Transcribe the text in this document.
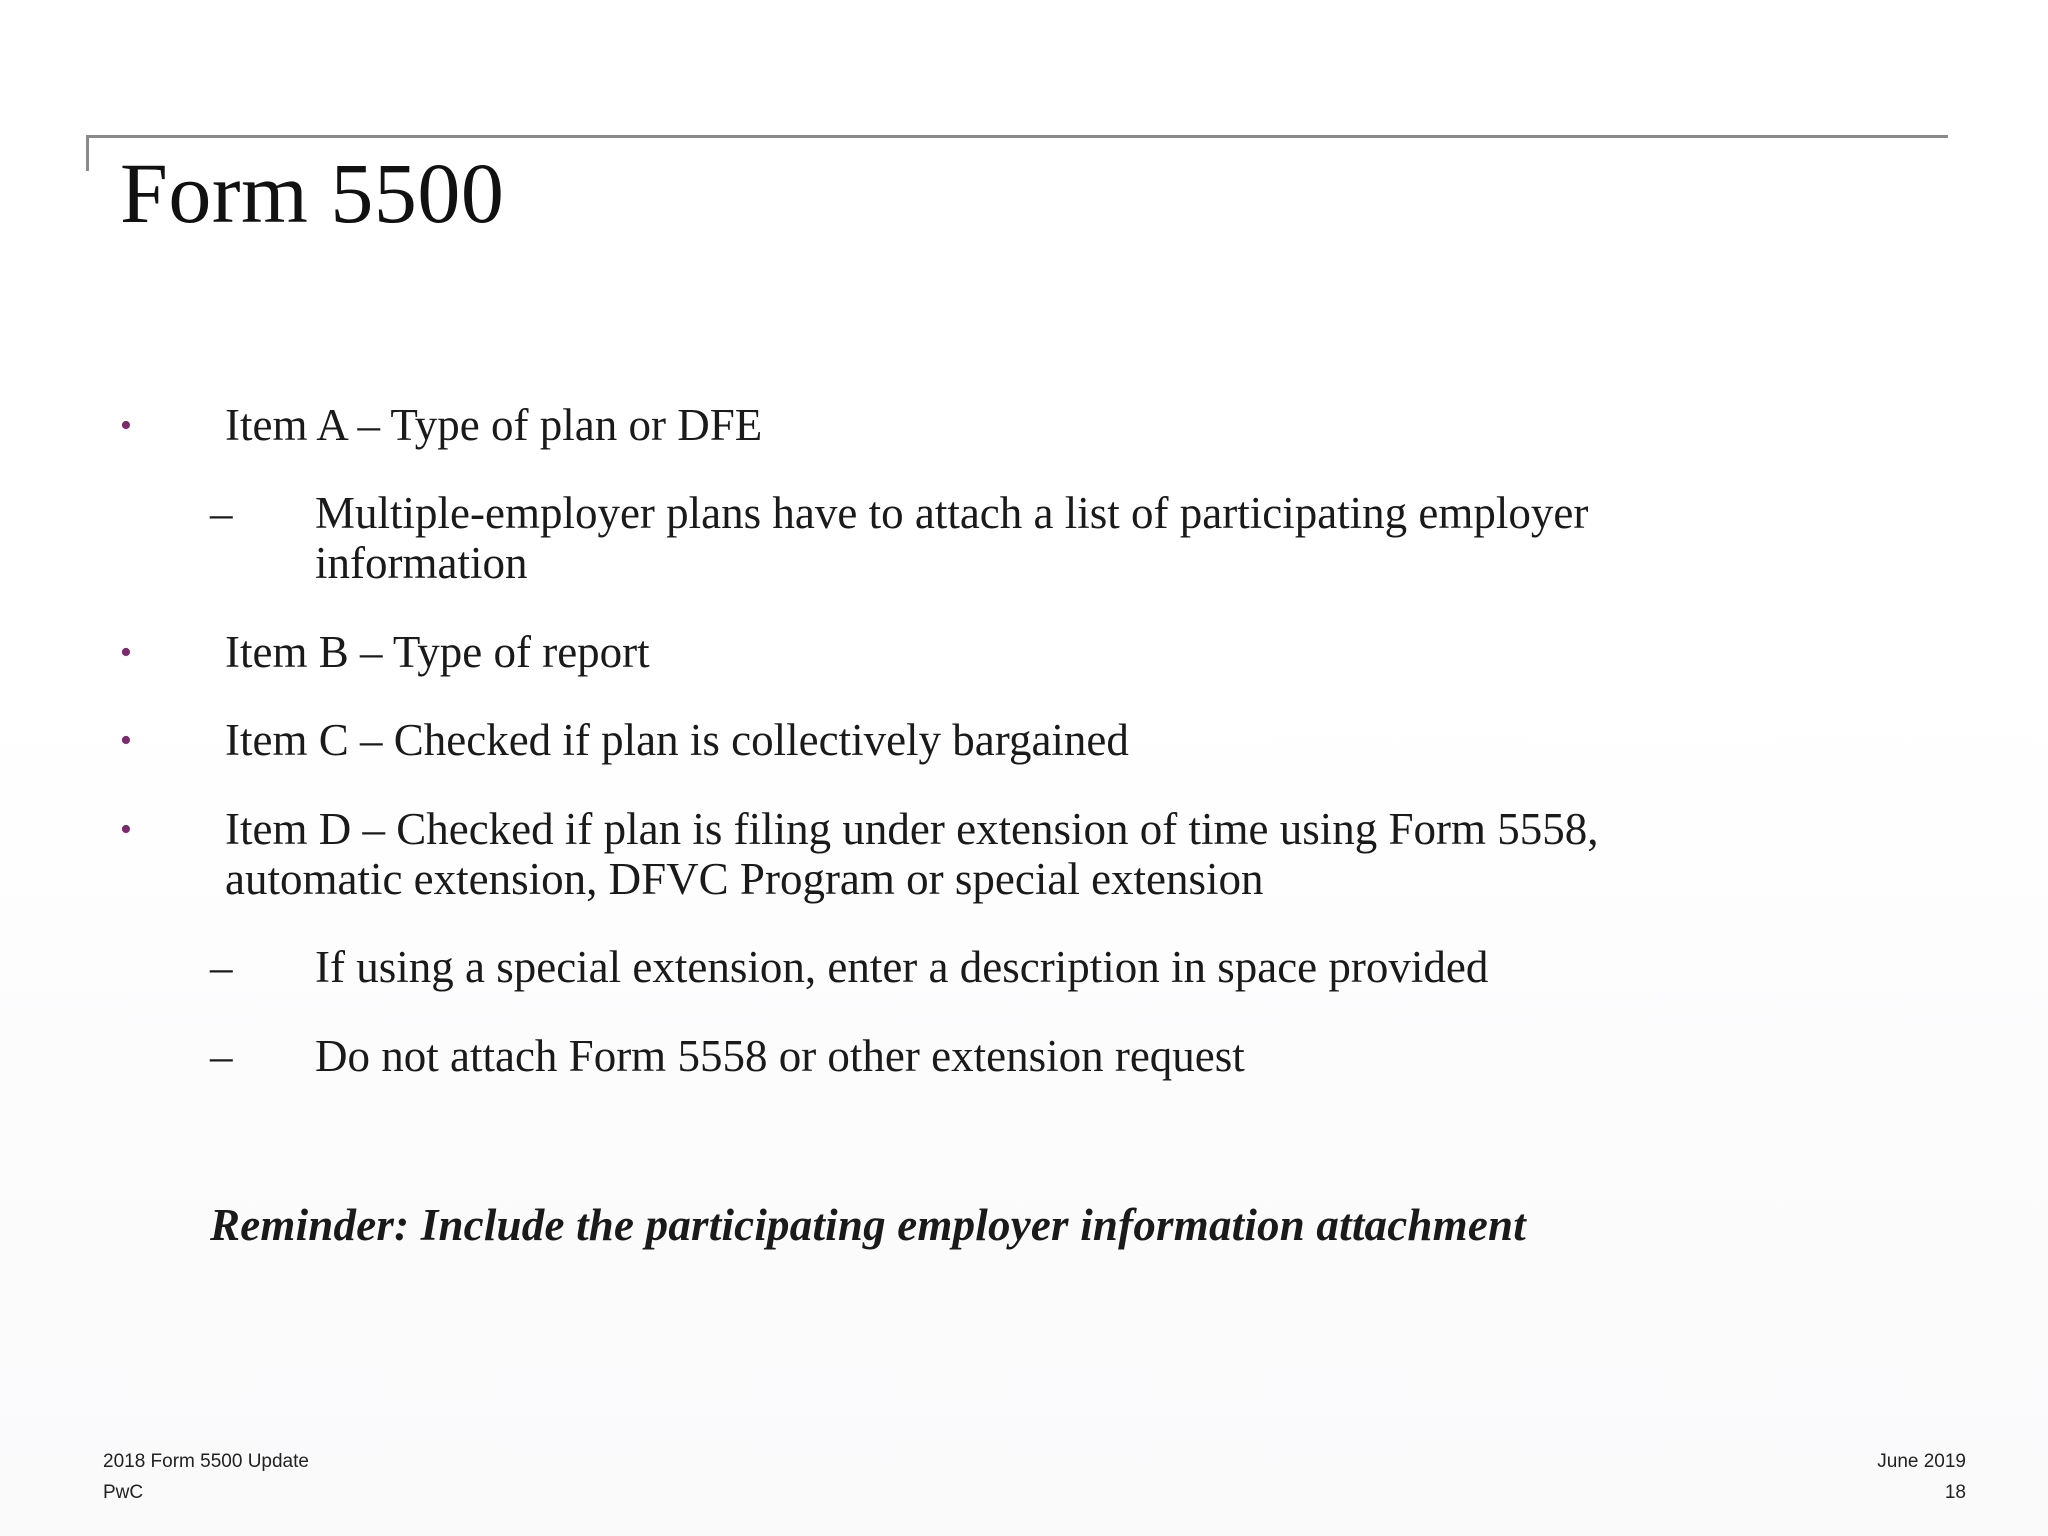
Form 5500
• Item A – Type of plan or DFE
– Multiple-employer plans have to attach a list of participating employer
information
• Item B – Type of report
• Item C – Checked if plan is collectively bargained
• Item D – Checked if plan is filing under extension of time using Form 5558,
automatic extension, DFVC Program or special extension
– If using a special extension, enter a description in space provided
– Do not attach Form 5558 or other extension request
Reminder: Include the participating employer information attachment
2018 Form 5500 Update
PwC
June 2019
18
